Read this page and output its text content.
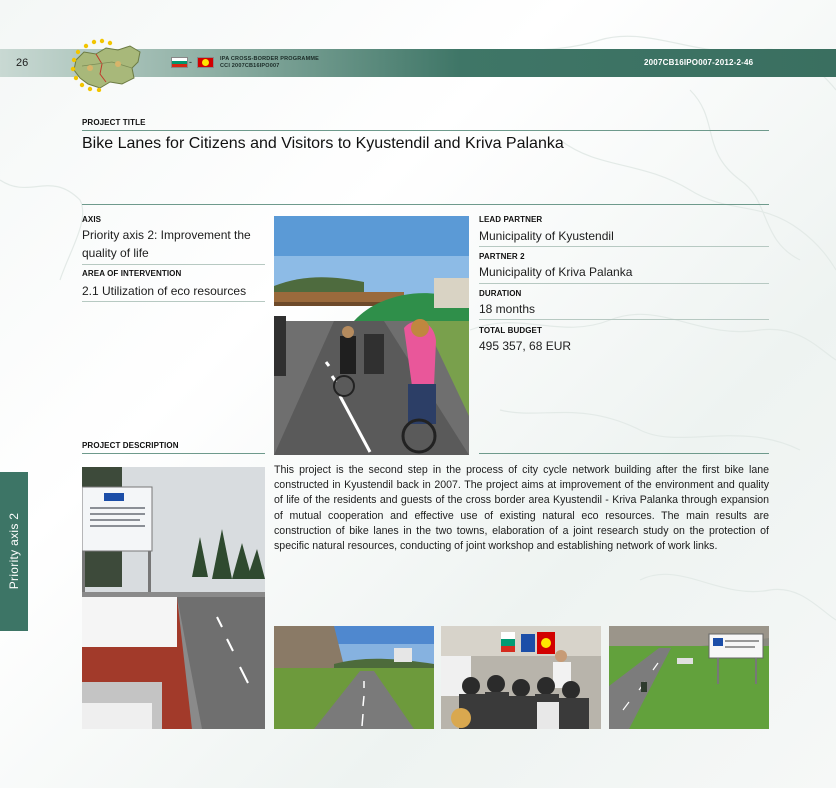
26	-	IPA CROSS-BORDER PROGRAMME
CCI 2007CB16IPO007	2007CB16IPO007-2012-2-46
PROJECT TITLE
Bike Lanes for Citizens and Visitors to Kyustendil and Kriva Palanka
AXIS
Priority axis 2: Improvement the quality of life
AREA OF INTERVENTION
2.1 Utilization of eco resources
LEAD PARTNER
Municipality of Kyustendil
PARTNER 2
Municipality of Kriva Palanka
DURATION
18 months
TOTAL BUDGET
495 357, 68 EUR
PROJECT DESCRIPTION
This project is the second step in the process of city cycle network building after the first bike lane constructed in Kyustendil back in 2007. The project aims at improvement of the environment and quality of life of the residents and guests of the cross border area Kyustendil - Kriva Palanka through expansion of mutual cooperation and effective use of existing natural eco resources. The main results are construction of bike lanes in the two towns, elaboration of a joint research study on the protection of specific natural resources, conducting of joint workshop and establishing network of work links.
Priority axis 2
